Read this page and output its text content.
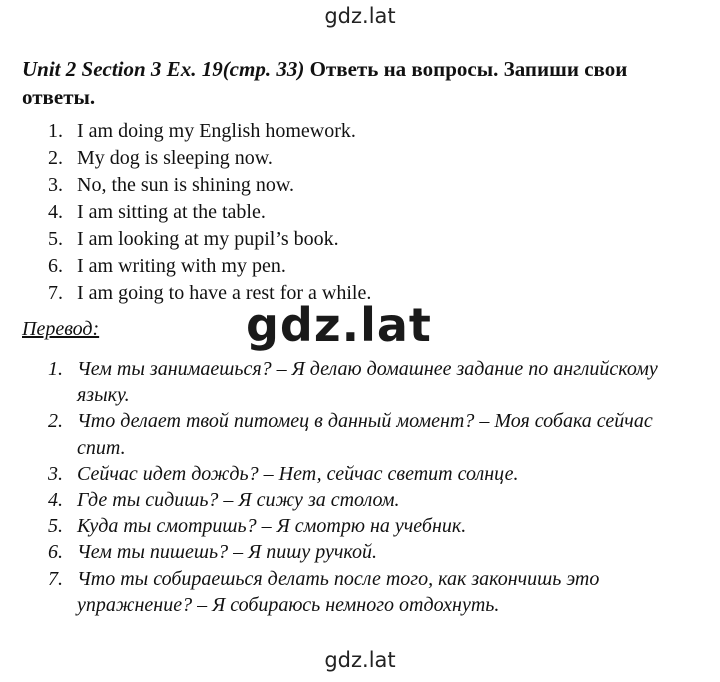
gdz.lat
Unit 2 Section 3 Ex. 19(стр. 33) Ответь на вопросы. Запиши свои ответы.
1. I am doing my English homework.
2. My dog is sleeping now.
3. No, the sun is shining now.
4. I am sitting at the table.
5. I am looking at my pupil’s book.
6. I am writing with my pen.
7. I am going to have a rest for a while.
gdz.lat
Перевод:
1. Чем ты занимаешься? – Я делаю домашнее задание по английскому языку.
2. Что делает твой питомец в данный момент? – Моя собака сейчас спит.
3. Сейчас идет дождь? – Нет, сейчас светит солнце.
4. Где ты сидишь? – Я сижу за столом.
5. Куда ты смотришь? – Я смотрю на учебник.
6. Чем ты пишешь? – Я пишу ручкой.
7. Что ты собираешься делать после того, как закончишь это упражнение? – Я собираюсь немного отдохнуть.
gdz.lat
